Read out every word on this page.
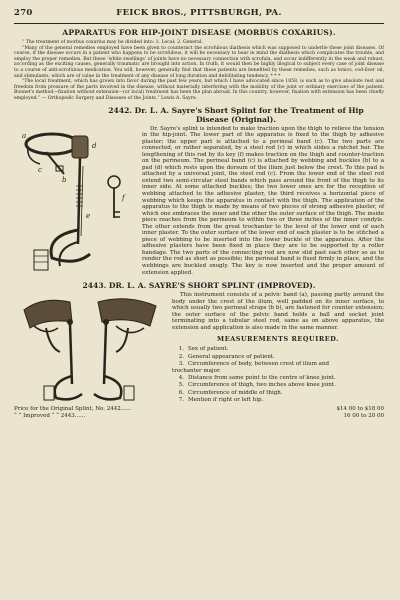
270	FEICK BROS., PITTSBURGH, PA.
APPARATUS FOR HIP-JOINT DISEASE (MORBUS COXARIUS).

“ The treatment of morbus coxarius may be divided into: 1. Local; 2. General.

“Many of the general remedies employed have been given to counteract the scrofulous diathesis which was supposed to underlie these joint diseases. Of course, if the disease occurs in a patient who happens to be scrofulous, it will be necessary to bear in mind the diathesis which complicates the trouble, and employ the proper remedies. But these ‘white swellings’ of joints have no necessary connection with scrofula, and occur indifferently in the weak and robust, according as the exciting causes, generally traumatic are brought into action. In truth, it would then be highly illogical to subject every case of joint disease to a course of anti-scrofulous medication. You will, however, generally find that these patients are benefited by these remedies, such as tonics, cod-liver oil, and stimulants, which are of value in the treatment of any disease of long duration and debilitating tendency. * * *

“The local treatment, which has grown into favor during the past few years, but which I have advocated since 1858, is such as to give absolute rest and freedom from pressure of the parts involved in the disease, without materially interfering with the mobility of the joint or ordinary exercises of the patient. Bonnet's method—fixation without extension—(or local) treatment has been the plan abroad. In this country, however, fixation with extension has been chiefly employed.” — Orthopedic Surgery and Diseases of the Joints.” Lewis A. Sayre.

2442. Dr. L. A. Sayre's Short Splint for the Treatment of Hip
Disease (Original).
a
b
c
d
e
f

Dr. Sayre's splint is intended to make traction upon the thigh to relieve the tension in the hip-joint. The lower part of the apparatus is fixed to the thigh by adhesive plaster; the upper part is attached to a perineal band (c). The two parts are connected, or rather separated, by a steel rod (c) in which slides a ratchet bar. The lengthening of this rod by its key (f) makes traction on the thigh and counter-traction on the perineum. The perineal band (c) is attached by webbing and buckles (b) to a pad (d) which rests upon the dorsum of the ilium just below the crest. To this pad is attached by a universal joint, the steel rod (c). From the lower end of the steel rod extend two semi-circular steel bands which pass around the front of the thigh to its inner side. At some attached buckles; the two lower ones are for the reception of webbing attached to the adhesive plaster, the third receives a horizontal piece of webbing which keeps the apparatus in contact with the thigh. The application of the apparatus to the thigh is made by means of two pieces of strong adhesive plaster, of which one embraces the inner and the other the outer surface of the thigh. The inside piece reaches from the perineum to within two or three inches of the inner condyle. The other extends from the great trochanter to the level of the lower end of each inner plaster. To the outer surface of the lower end of each plaster is to be stitched a piece of webbing to be inserted into the lower buckle of the apparatus. After the adhesive plasters have been fixed in place they are to be supported by a roller bandage. The two parts of the connecting rod are now slid past each other so as to render the rod as short as possible; the perineal band is fixed firmly in place, and the webbings are buckled snugly. The key is now inserted and the proper amount of extension applied.

2443. DR. L. A. SAYRE'S SHORT SPLINT (IMPROVED).

This instrument consists of a pelvic band (a), passing partly around the body under the crest of the ilium, well padded on its inner surface, to which usually two perineal straps (b b), are fastened for counter extension; the outer surface of the pelvic band holds a ball and socket joint terminating into a tubular steel rod, same as on above apparatus, the extension and application is also made in the same manner.

MEASUREMENTS REQUIRED.
1. Sex of patient.
2. General appearance of patient.
3. Circumference of body, between crest of ilium and
trochanter major.
4. Distance from same point to the centre of knee joint.
5. Circumference of thigh, two inches above knee joint.
6. Circumference of middle of thigh.
7. Mention if right or left hip.
Price for the Original Splint, No. 2442......	$14 00 to $18 00
“ “ Improved “ “ 2443......	16 00 to 20 00
